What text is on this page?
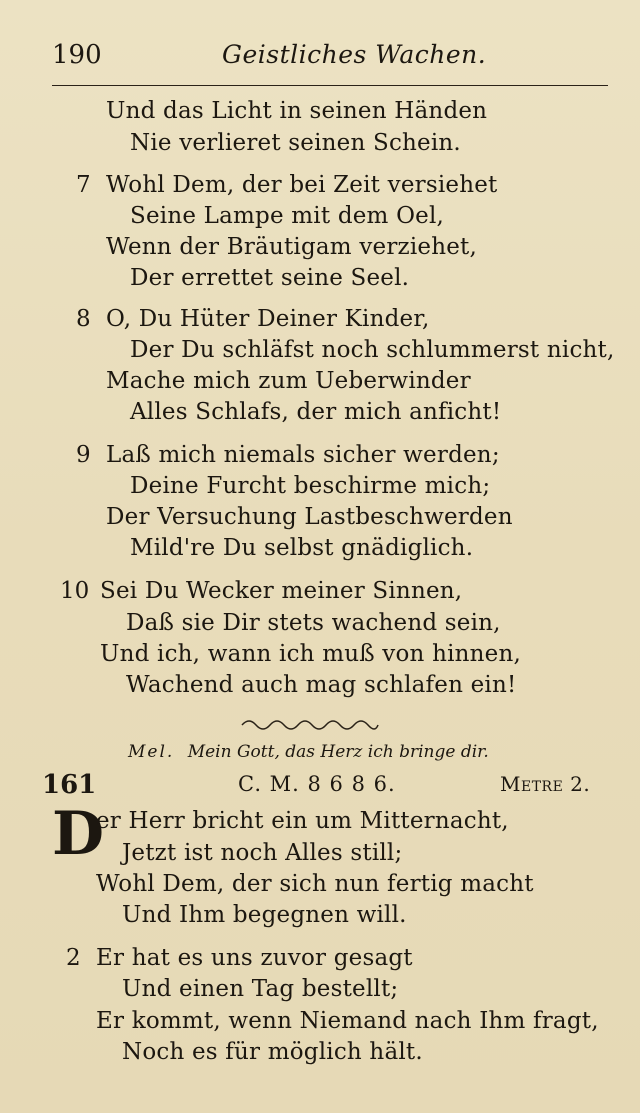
190	Geistliches Wachen.
Und das Licht in seinen Händen
Nie verlieret seinen Schein.
7 Wohl Dem, der bei Zeit versiehet
Seine Lampe mit dem Oel,
Wenn der Bräutigam verziehet,
Der errettet seine Seel.
8 O, Du Hüter Deiner Kinder,
Der Du schläfst noch schlummerst nicht,
Mache mich zum Ueberwinder
Alles Schlafs, der mich anficht!
9 Laß mich niemals sicher werden;
Deine Furcht beschirme mich;
Der Versuchung Lastbeschwerden
Mild're Du selbst gnädiglich.
10 Sei Du Wecker meiner Sinnen,
Daß sie Dir stets wachend sein,
Und ich, wann ich muß von hinnen,
Wachend auch mag schlafen ein!
Mel. Mein Gott, das Herz ich bringe dir.
161	C. M. 8 6 8 6.	Metre 2.
D
er Herr bricht ein um Mitternacht,
Jetzt ist noch Alles still;
Wohl Dem, der sich nun fertig macht
Und Ihm begegnen will.
2 Er hat es uns zuvor gesagt
Und einen Tag bestellt;
Er kommt, wenn Niemand nach Ihm fragt,
Noch es für möglich hält.
